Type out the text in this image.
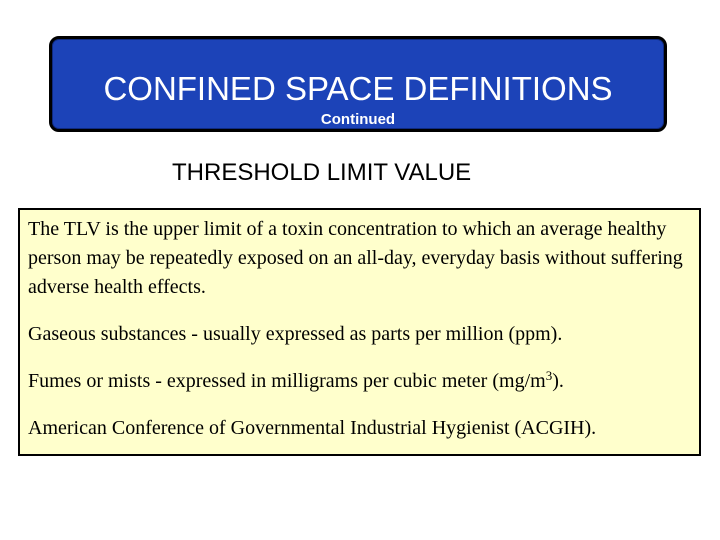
CONFINED SPACE DEFINITIONS
Continued
THRESHOLD LIMIT VALUE

The TLV is the upper limit of a toxin concentration to which an average healthy person may be repeatedly exposed on an all-day, everyday basis without suffering adverse health effects.

Gaseous substances - usually expressed as parts per million (ppm).

Fumes or mists - expressed in milligrams per cubic meter $(mg/m^3)$.

American Conference of Governmental Industrial Hygienist (ACGIH).
